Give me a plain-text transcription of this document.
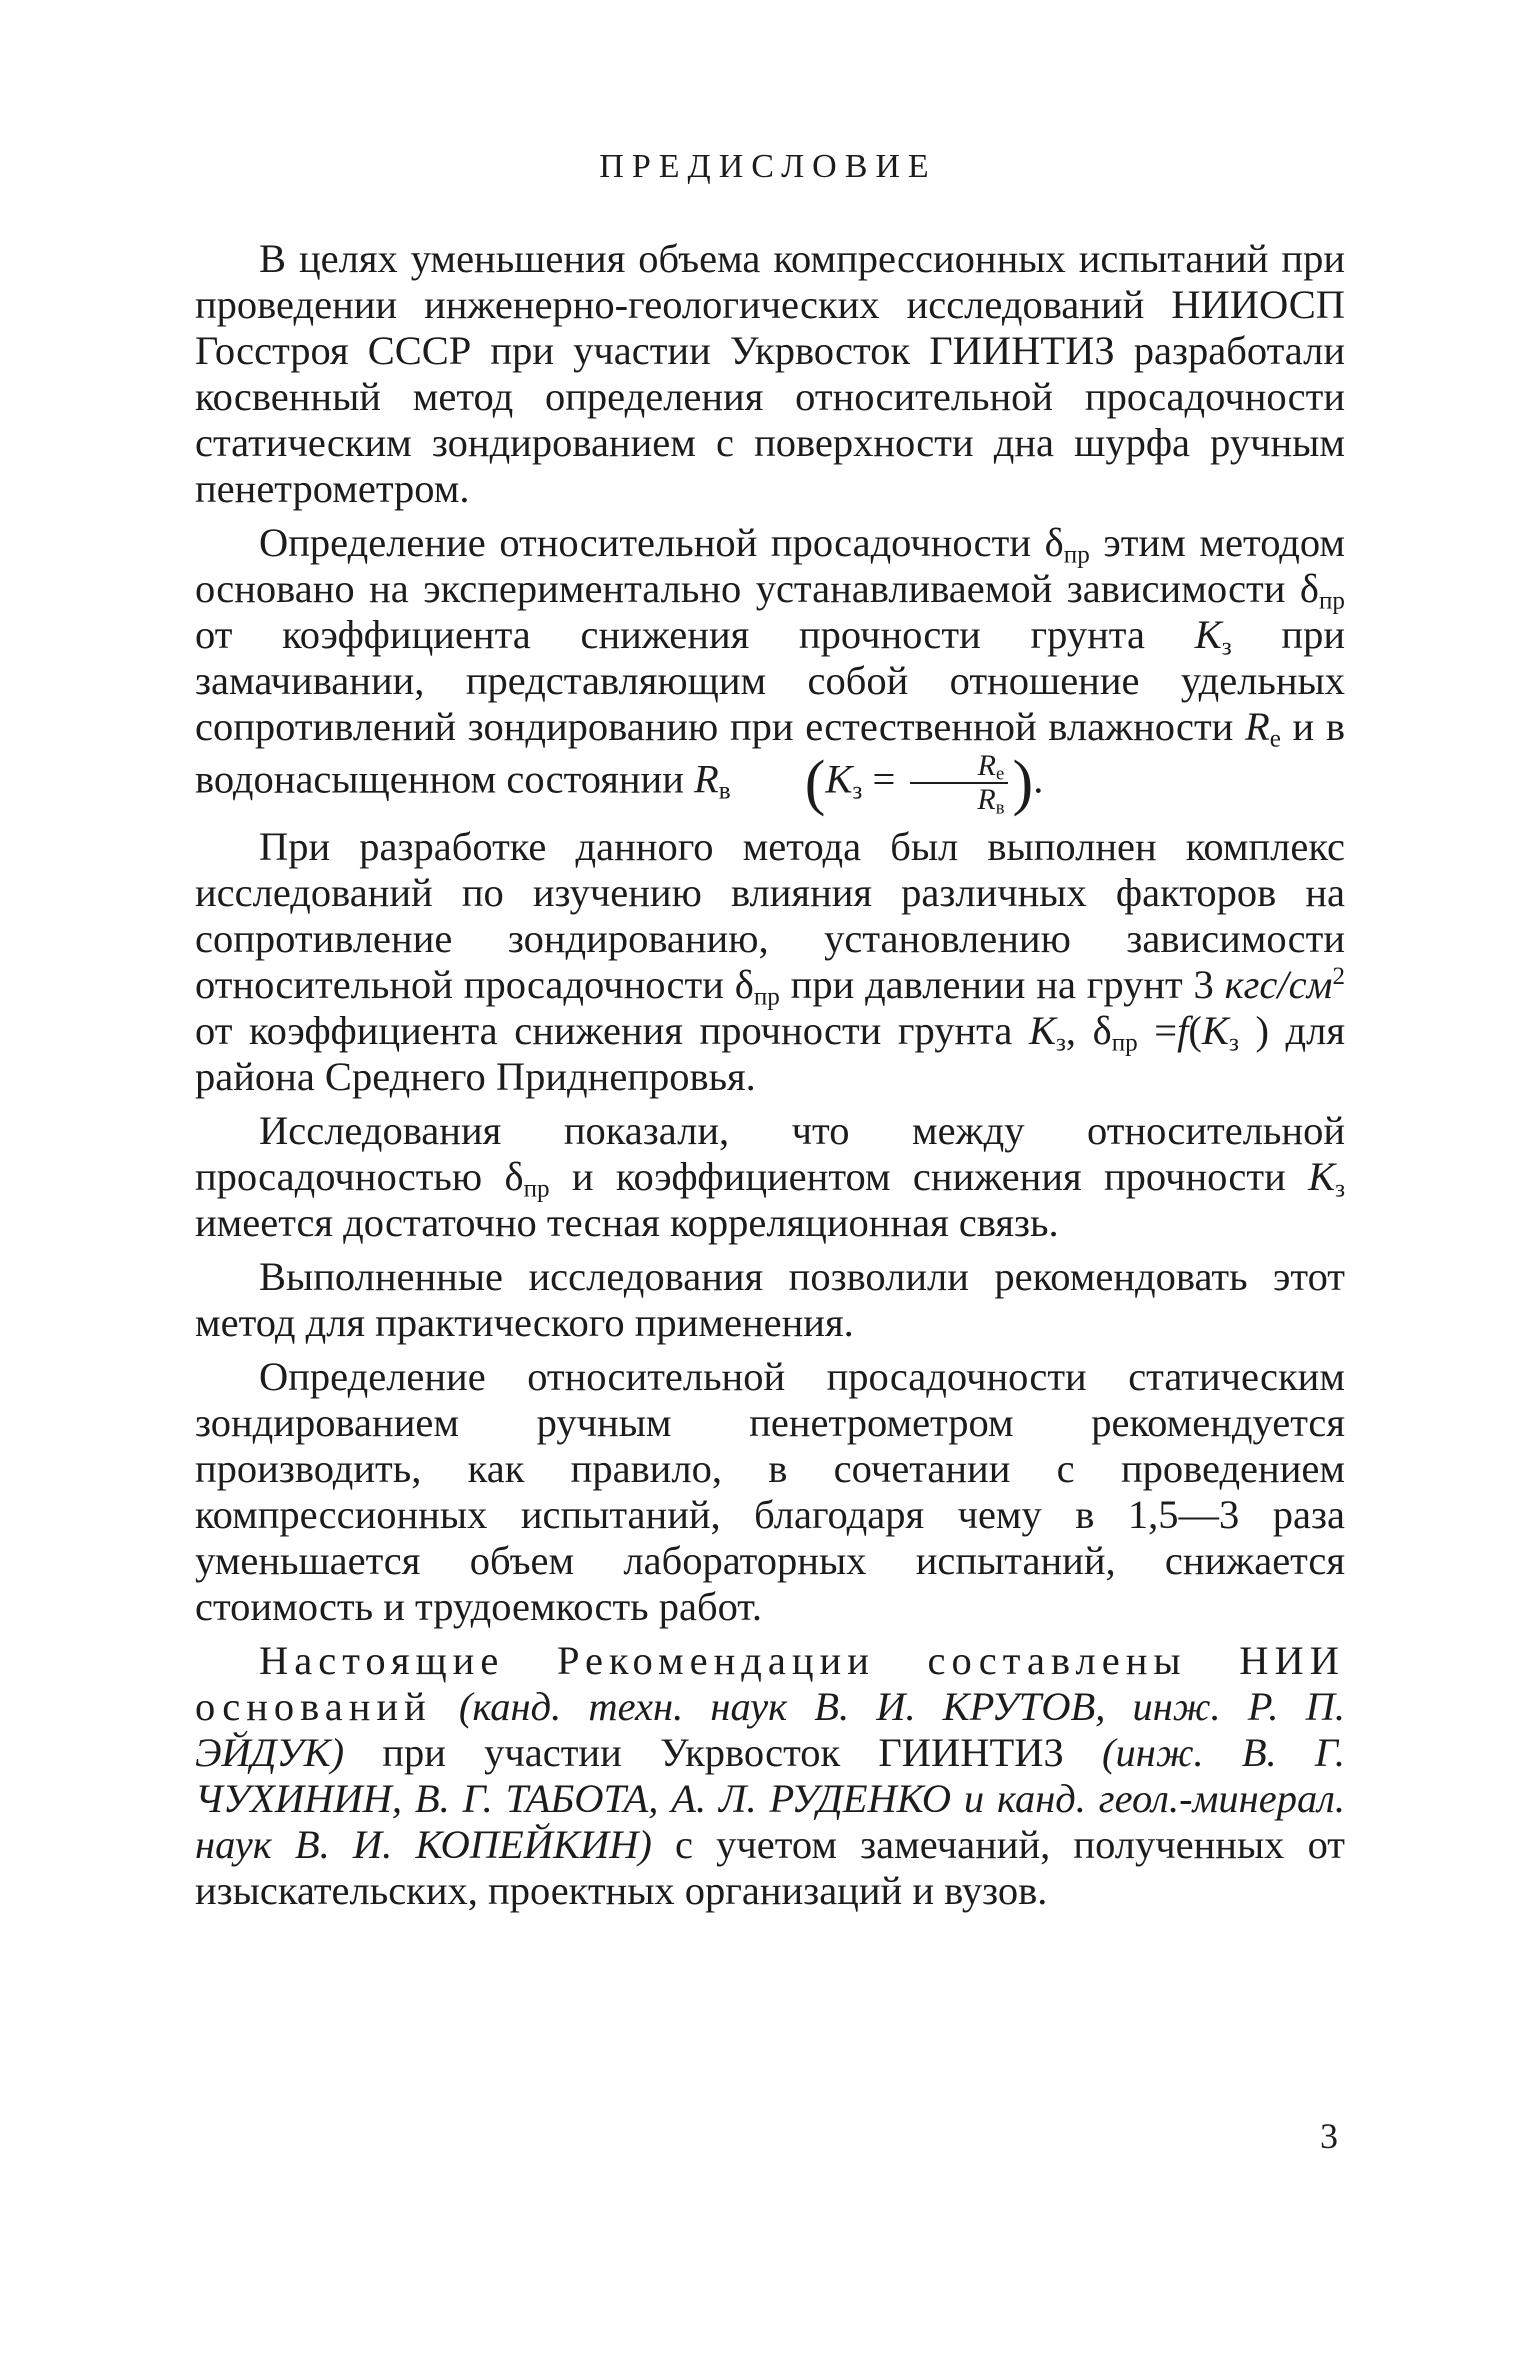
ПРЕДИСЛОВИЕ

В целях уменьшения объема компрессионных испытаний при проведении инженерно-геологических исследований НИИОСП Госстроя СССР при участии Укрвосток ГИИНТИЗ разработали косвенный метод определения относительной просадочности статическим зондированием с поверхности дна шурфа ручным пенетрометром.

Определение относительной просадочности $\delta_{пр}$ этим методом основано на экспериментально устанавливаемой зависимости $\delta_{пр}$ от коэффициента снижения прочности грунта $K_з$ при замачивании, представляющим собой отношение удельных сопротивлений зондированию при естественной влажности $R_е$ и в водонасыщенном состоянии $R_в$ ($K_з = \frac{R_е}{R_в}$ ).

При разработке данного метода был выполнен комплекс исследований по изучению влияния различных факторов на сопротивление зондированию, установлению зависимости относительной просадочности $\delta_{пр}$ при давлении на грунт 3 кгс/$см^2$ от коэффициента снижения прочности грунта $K_з$, $\delta_{пр} =f(K_з$ ) для района Среднего Приднепровья.

Исследования показали, что между относительной просадочностью $\delta_{пр}$ и коэффициентом снижения прочности $K_з$ имеется достаточно тесная корреляционная связь.

Выполненные исследования позволили рекомендовать этот метод для практического применения.

Определение относительной просадочности статическим зондированием ручным пенетрометром рекомендуется производить, как правило, в сочетании с проведением компрессионных испытаний, благодаря чему в 1,5—3 раза уменьшается объем лабораторных испытаний, снижается стоимость и трудоемкость работ.

Настоящие Рекомендации составлены НИИ оснований (канд. техн. наук В. И. КРУТОВ, инж. Р. П. ЭЙДУК) при участии Укрвосток ГИИНТИЗ (инж. В. Г. ЧУХИНИН, В. Г. ТАБОТА, А. Л. РУДЕНКО и канд. геол.-минерал. наук В. И. КОПЕЙКИН) с учетом замечаний, полученных от изыскательских, проектных организаций и вузов.

3
